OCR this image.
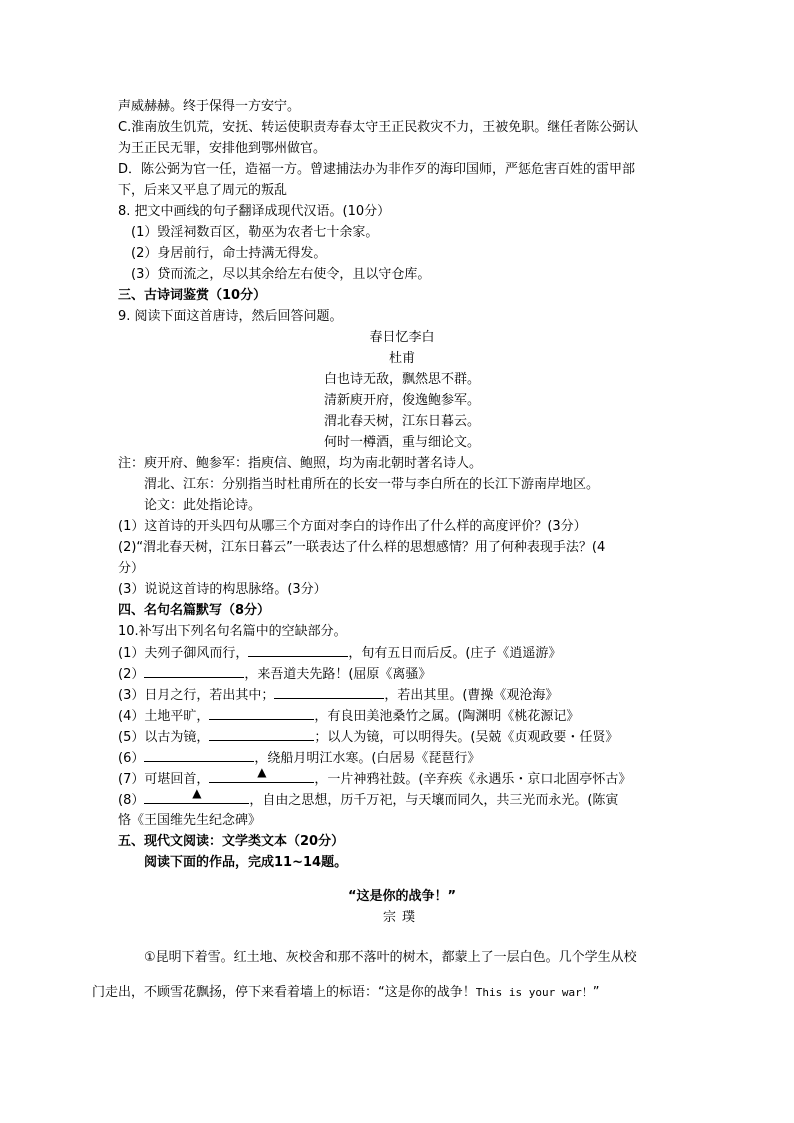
声威赫赫。终于保得一方安宁。
C.淮南放生饥荒，安抚、转运使职责寿春太守王正民救灾不力，王被免职。继任者陈公弼认
为王正民无罪，安排他到鄂州做官。
D．陈公弼为官一任，造福一方。曾逮捕法办为非作歹的海印国师，严惩危害百姓的雷甲部
下，后来又平息了周元的叛乱
8. 把文中画线的句子翻译成现代汉语。(10分）
(1）毁淫祠数百区，勒巫为农者七十余家。
(2）身居前行，命士持满无得发。
(3）贷而流之，尽以其余给左右使令，且以守仓库。
三、古诗词鉴赏（10分）
9. 阅读下面这首唐诗，然后回答问题。
春日忆李白
杜甫
白也诗无敌，飘然思不群。
清新庾开府，俊逸鲍参军。
渭北春天树，江东日暮云。
何时一樽酒，重与细论文。
注：庾开府、鲍参军：指庾信、鲍照，均为南北朝时著名诗人。
渭北、江东：分别指当时杜甫所在的长安一带与李白所在的长江下游南岸地区。
论文：此处指论诗。
(1）这首诗的开头四句从哪三个方面对李白的诗作出了什么样的高度评价？(3分）
(2)“渭北春天树，江东日暮云”一联表达了什么样的思想感情？用了何种表现手法？(4
分）
(3）说说这首诗的构思脉络。(3分）
四、名句名篇默写（8分）
10.补写出下列名句名篇中的空缺部分。
(1）夫列子御风而行，	，旬有五日而后反。(庄子《逍遥游》
(2）	，来吾道夫先路！(屈原《离骚》
(3）日月之行，若出其中；	，若出其里。(曹操《观沧海》
(4）土地平旷，	，有良田美池桑竹之属。(陶渊明《桃花源记》
(5）以古为镜，	；以人为镜，可以明得失。(吴兢《贞观政要・任贤》
(6）	，绕船月明江水寒。(白居易《琵琶行》
(7）可堪回首，	▲	，一片神鸦社鼓。(辛弃疾《永遇乐・京口北固亭怀古》
(8）	▲	，自由之思想，历千万祀，与天壤而同久，共三光而永光。(陈寅
恪《王国维先生纪念碑》
五、现代文阅读：文学类文本（20分）
阅读下面的作品，完成11~14题。
“这是你的战争！”
宗璞
①昆明下着雪。红土地、灰校舍和那不落叶的树木，都蒙上了一层白色。几个学生从校
门走出，不顾雪花飘扬，停下来看着墙上的标语：“这是你的战争！This is your war！”
